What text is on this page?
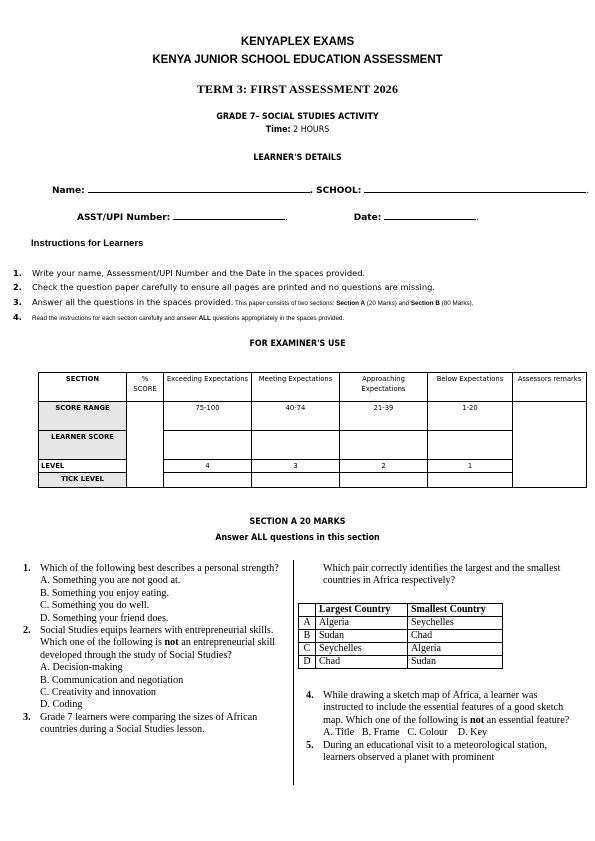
KENYAPLEX EXAMS
KENYA JUNIOR SCHOOL EDUCATION ASSESSMENT
TERM 3: FIRST ASSESSMENT 2026
GRADE 7– SOCIAL STUDIES ACTIVITY
Time: 2 HOURS
LEARNER'S DETAILS
Name:	. SCHOOL:	.
ASST/UPI Number:	.	Date:	.
Instructions for Learners
1. Write your name, Assessment/UPI Number and the Date in the spaces provided.
2. Check the question paper carefully to ensure all pages are printed and no questions are missing.
3. Answer all the questions in the spaces provided. This paper consists of two sections: Section A (20 Marks) and Section B (80 Marks),
4. Read the instructions for each section carefully and answer ALL questions appropriately in the spaces provided.
FOR EXAMINER'S USE
SECTION	% SCORE	Exceeding Expectations	Meeting Expectations	Approaching Expectations	Below Expectations	Assessors remarks
SCORE RANGE		75-100	40-74	21-39	1-20	
LEARNER SCORE						
LEVEL		4	3	2	1	
TICK LEVEL						
SECTION A 20 MARKS
Answer ALL questions in this section
1. Which of the following best describes a personal strength?
A. Something you are not good at.
B. Something you enjoy eating.
C. Something you do well.
D. Something your friend does.
2. Social Studies equips learners with entrepreneurial skills. Which one of the following is not an entrepreneurial skill developed through the study of Social Studies?
A. Decision-making
B. Communication and negotiation
C. Creativity and innovation
D. Coding
3. Grade 7 learners were comparing the sizes of African countries during a Social Studies lesson.
Which pair correctly identifies the largest and the smallest countries in Africa respectively?
	Largest Country	Smallest Country
A	Algeria	Seychelles
B	Sudan	Chad
C	Seychelles	Algeria
D	Chad	Sudan
4. While drawing a sketch map of Africa, a learner was instructed to include the essential features of a good sketch map. Which one of the following is not an essential feature?
A. Title   B. Frame   C. Colour    D. Key
5. During an educational visit to a meteorological station, learners observed a planet with prominent
